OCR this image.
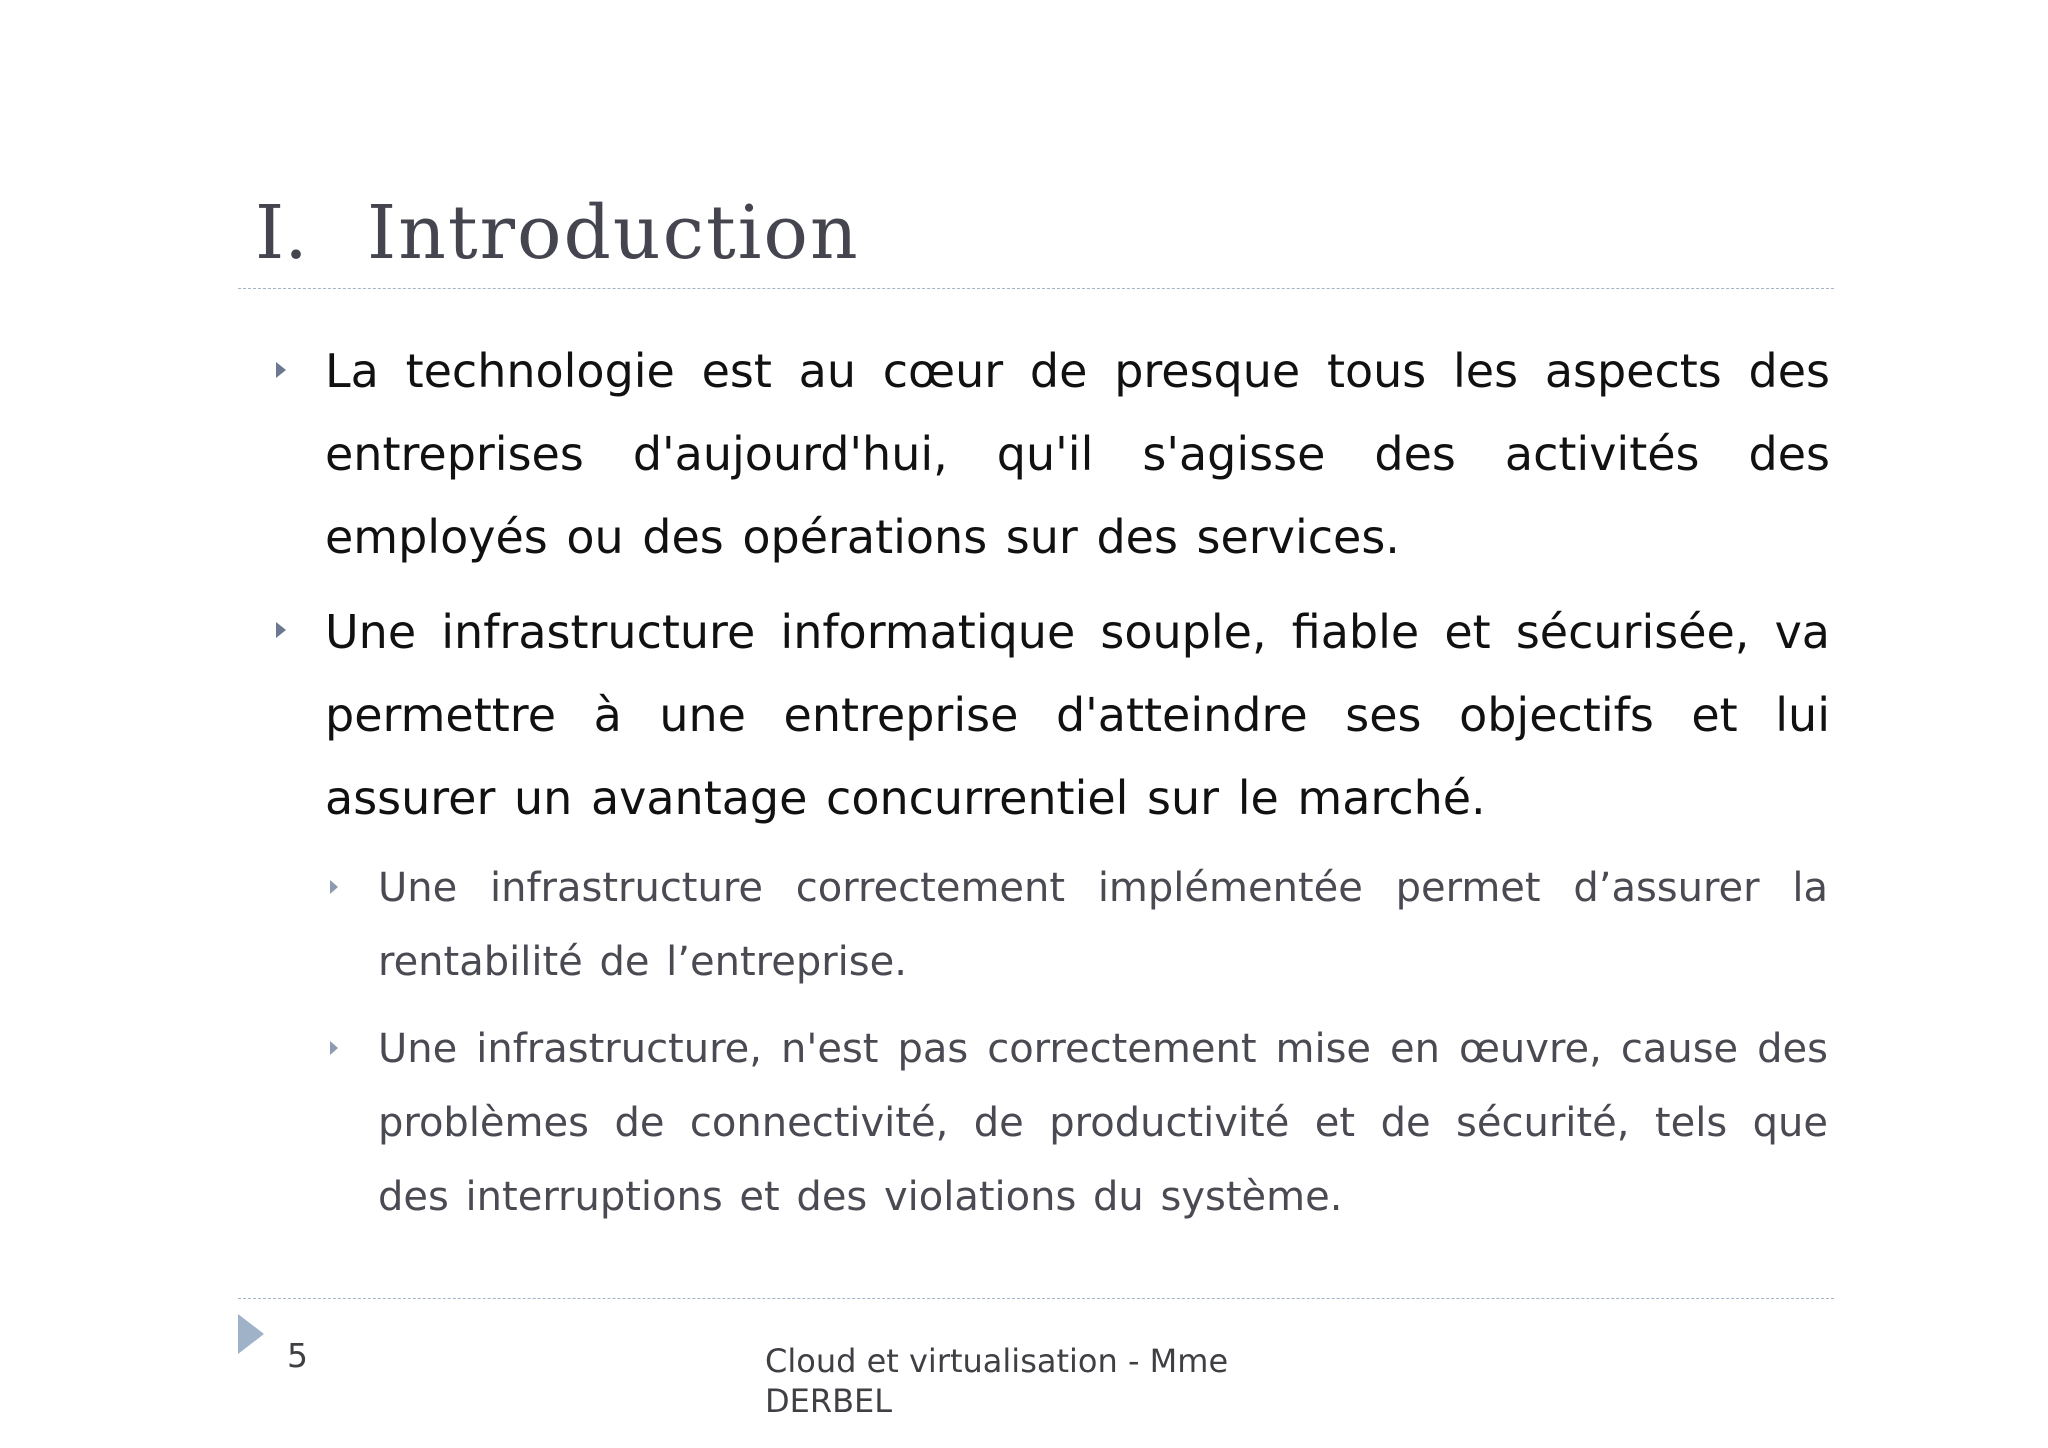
I. Introduction

La technologie est au cœur de presque tous les aspects des entreprises d'aujourd'hui, qu'il s'agisse des activités des employés ou des opérations sur des services.

Une infrastructure informatique souple, fiable et sécurisée, va permettre à une entreprise d'atteindre ses objectifs et lui assurer un avantage concurrentiel sur le marché.

Une infrastructure correctement implémentée permet d’assurer la rentabilité de l’entreprise.

Une infrastructure, n'est pas correctement mise en œuvre, cause des problèmes de connectivité, de productivité et de sécurité, tels que des interruptions et des violations du système.

5	Cloud et virtualisation - Mme DERBEL
